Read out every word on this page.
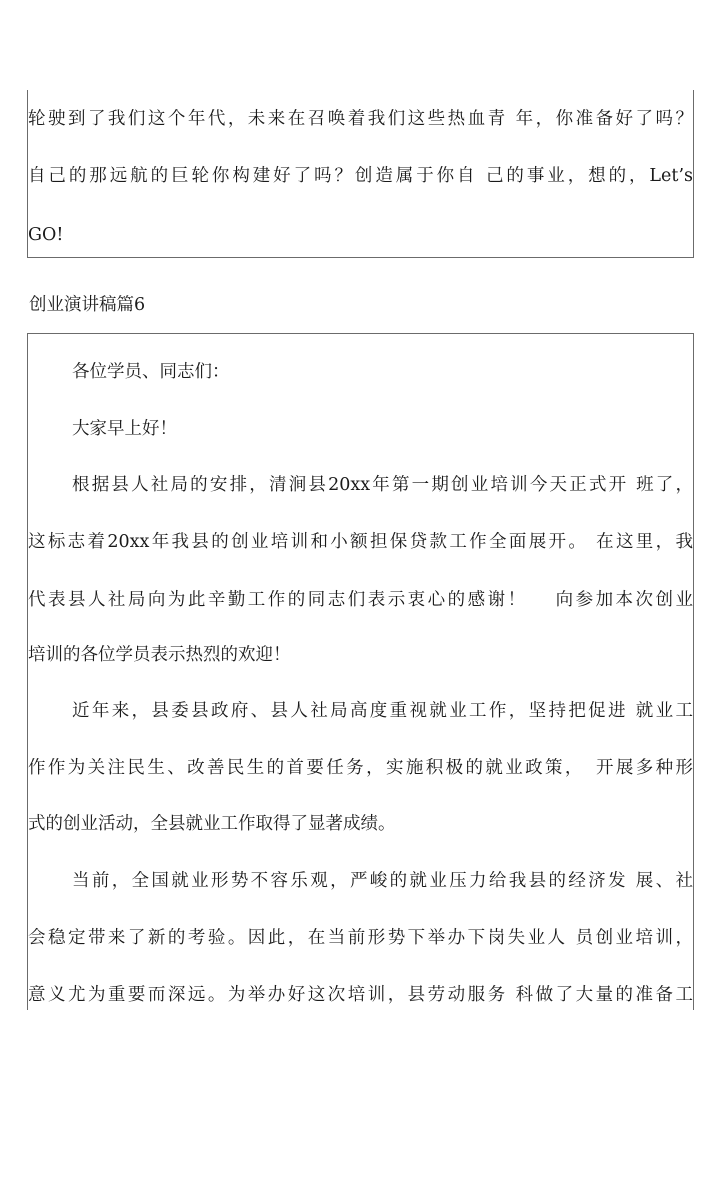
轮驶到了我们这个年代，未来在召唤着我们这些热血青 年，你准备好了吗？
自己的那远航的巨轮你构建好了吗？创造属于你自 己的事业，想的，Let’s
GO!
创业演讲稿篇6
各位学员、同志们：
大家早上好！
根据县人社局的安排，清涧县20xx年第一期创业培训今天正式开 班了，
这标志着20xx年我县的创业培训和小额担保贷款工作全面展开。 在这里，我
代表县人社局向为此辛勤工作的同志们表示衷心的感谢！　 向参加本次创业
培训的各位学员表示热烈的欢迎！
近年来，县委县政府、县人社局高度重视就业工作，坚持把促进 就业工
作作为关注民生、改善民生的首要任务，实施积极的就业政策，　开展多种形
式的创业活动，全县就业工作取得了显著成绩。
当前，全国就业形势不容乐观，严峻的就业压力给我县的经济发 展、社
会稳定带来了新的考验。因此，在当前形势下举办下岗失业人 员创业培训，
意义尤为重要而深远。为举办好这次培训，县劳动服务 科做了大量的准备工
